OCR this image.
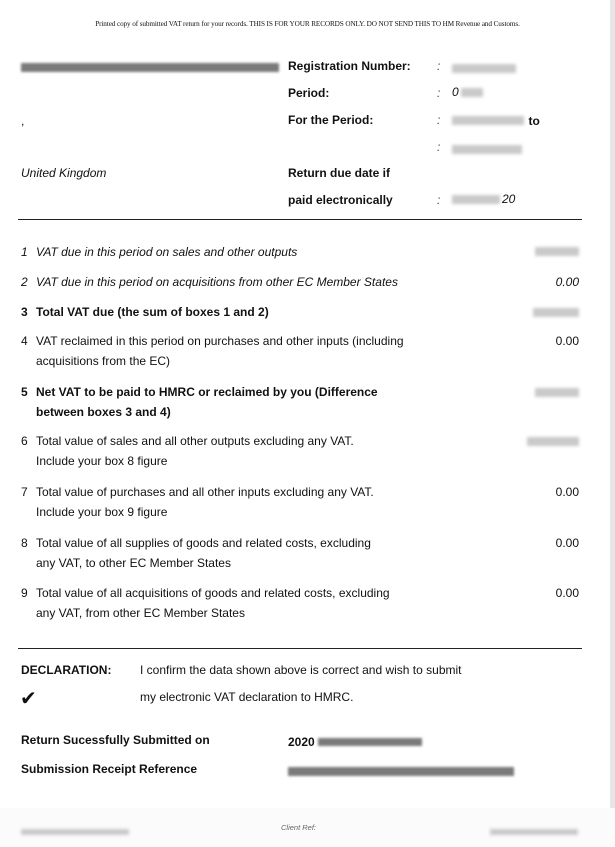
Printed copy of submitted VAT return for your records. THIS IS FOR YOUR RECORDS ONLY. DO NOT SEND THIS TO HM Revenue and Customs.
Registration Number: :
Period:	: 0
,	For the Period:	:	to
:
United Kingdom	Return due date if
paid electronically	:	20
1 VAT due in this period on sales and other outputs
2 VAT due in this period on acquisitions from other EC Member States	0.00
3 Total VAT due (the sum of boxes 1 and 2)
4 VAT reclaimed in this period on purchases and other inputs (including
acquisitions from the EC)
0.00
5 Net VAT to be paid to HMRC or reclaimed by you (Difference
between boxes 3 and 4)
6 Total value of sales and all other outputs excluding any VAT.
Include your box 8 figure
7 Total value of purchases and all other inputs excluding any VAT.
Include your box 9 figure
0.00
8 Total value of all supplies of goods and related costs, excluding
any VAT, to other EC Member States
0.00
9 Total value of all acquisitions of goods and related costs, excluding
any VAT, from other EC Member States
0.00
DECLARATION: I confirm the data shown above is correct and wish to submit
✔	my electronic VAT declaration to HMRC.
Return Sucessfully Submitted on	2020
Submission Receipt Reference
Client Ref:
